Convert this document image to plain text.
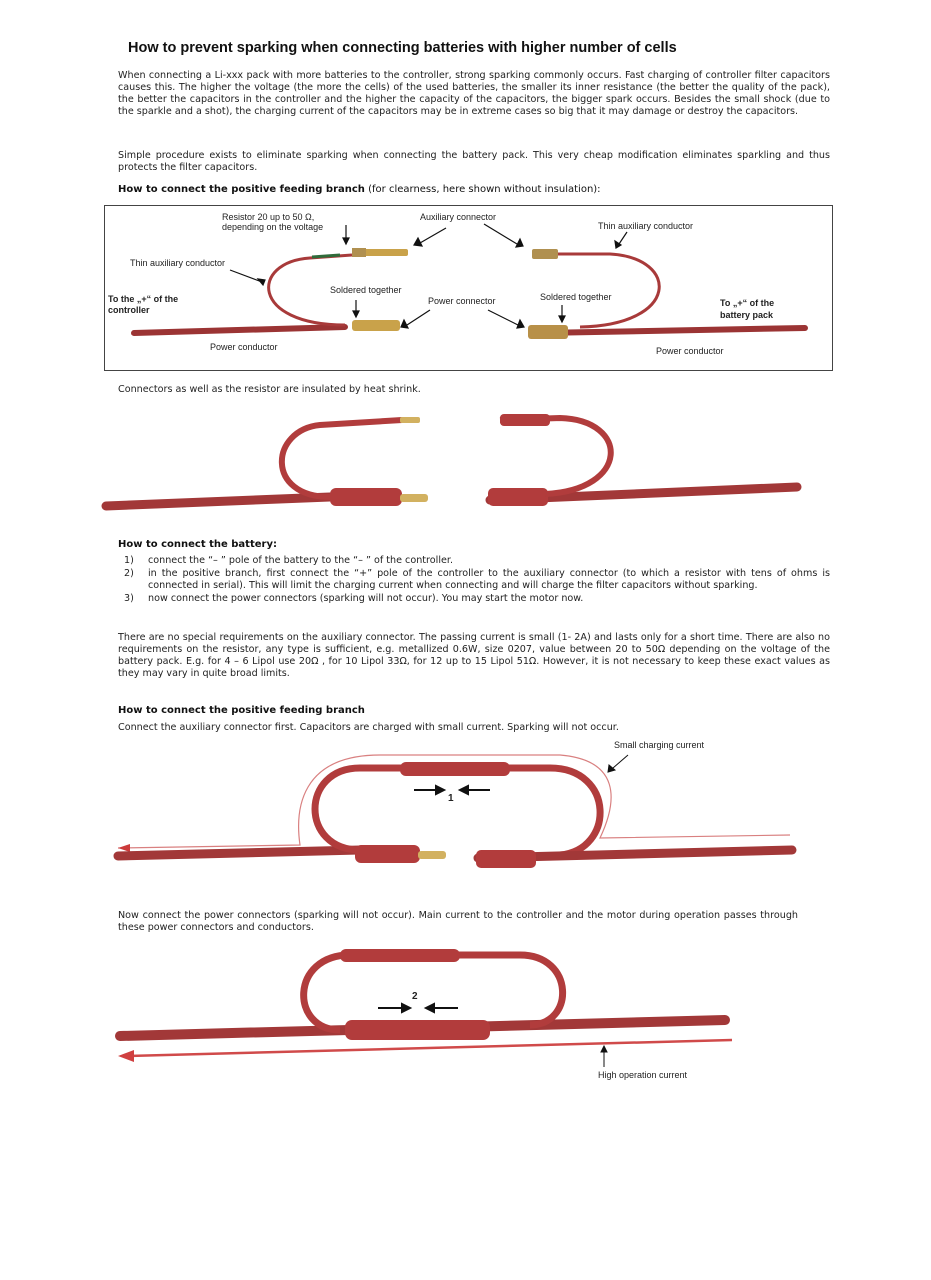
How to prevent sparking when connecting batteries with higher number of cells
When connecting a Li-xxx pack with more batteries to the controller, strong sparking commonly occurs. Fast charging of controller filter capacitors causes this. The higher the voltage (the more the cells) of the used batteries, the smaller its inner resistance (the better the quality of the pack), the better the capacitors in the controller and the higher the capacity of the capacitors, the bigger spark occurs. Besides the small shock (due to the sparkle and a shot), the charging current of the capacitors may be in extreme cases so big that it may damage or destroy the capacitors.
Simple procedure exists to eliminate sparking when connecting the battery pack. This very cheap modification eliminates sparkling and thus protects the filter capacitors.
How to connect the positive feeding branch (for clearness, here shown without insulation):
Resistor 20 up to 50 Ω,
depending on the voltage
Auxiliary connector
Thin auxiliary conductor
Thin auxiliary conductor
To the „+“ of the
controller
Soldered together
Power connector	Soldered together
To „+“ of the
battery pack
Power conductor	Power conductor
Connectors as well as the resistor are insulated by heat shrink.
How to connect the battery:
1) connect the “– ” pole of the battery to the “– ” of the controller.
2) in the positive branch, first connect the “+” pole of the controller to the auxiliary connector (to which a resistor with tens of ohms is connected in serial). This will limit the charging current when connecting and will charge the filter capacitors without sparking.
3) now connect the power connectors (sparking will not occur). You may start the motor now.
There are no special requirements on the auxiliary connector. The passing current is small (1- 2A) and lasts only for a short time. There are also no requirements on the resistor, any type is sufficient, e.g. metallized 0.6W, size 0207, value between 20 to 50Ω depending on the voltage of the battery pack. E.g. for 4 – 6 Lipol use 20Ω , for 10 Lipol 33Ω, for 12 up to 15 Lipol 51Ω. However, it is not necessary to keep these exact values as they may vary in quite broad limits.
How to connect the positive feeding branch
Connect the auxiliary connector first. Capacitors are charged with small current. Sparking will not occur.
Small charging current
1
Now connect the power connectors (sparking will not occur). Main current to the controller and the motor during operation passes through these power connectors and conductors.
2
High operation current
